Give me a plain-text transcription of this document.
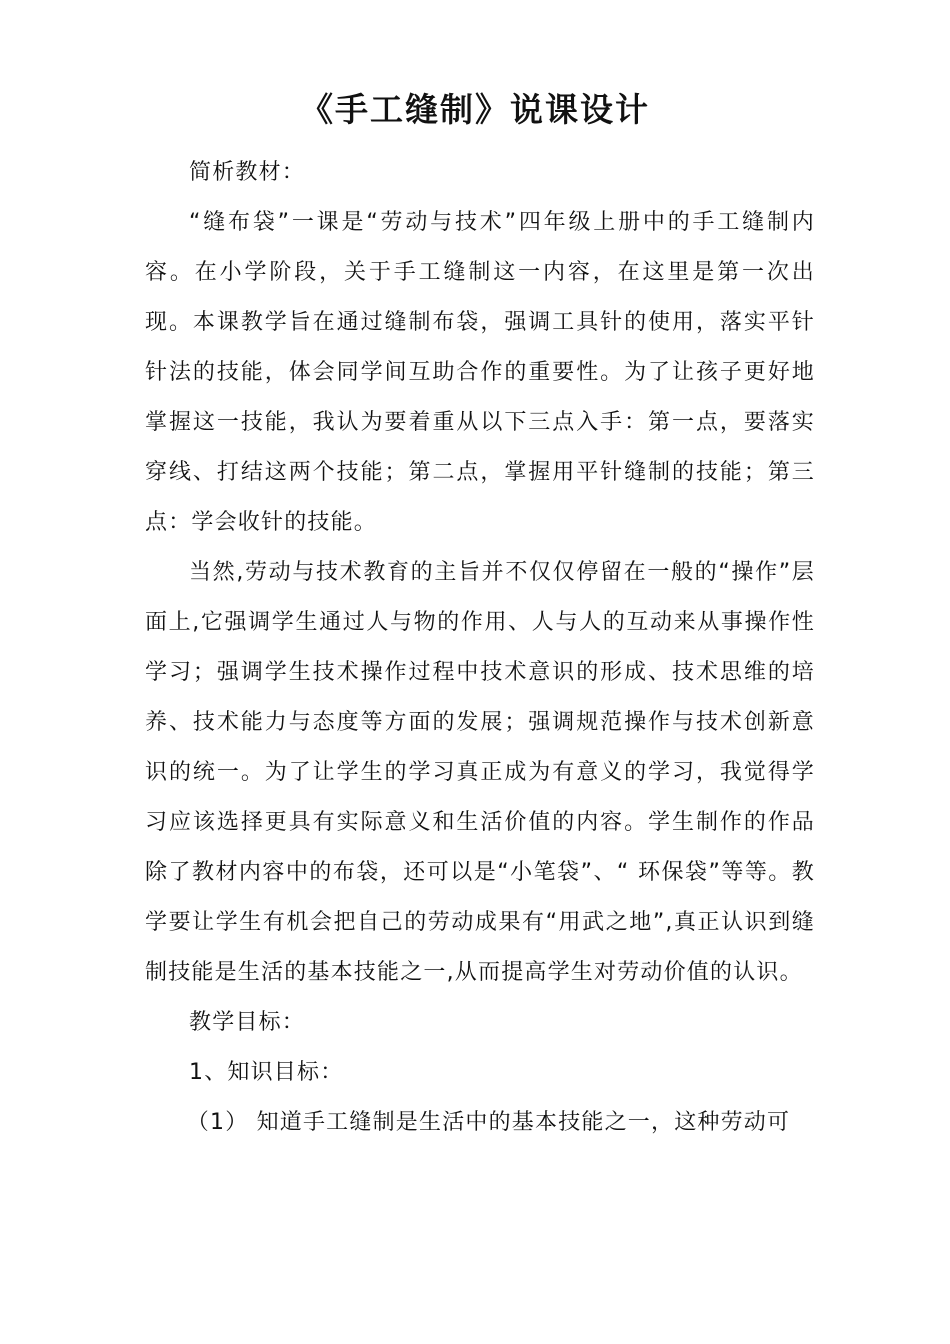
《手工缝制》说课设计

简析教材：

“缝布袋”一课是“劳动与技术”四年级上册中的手工缝制内容。在小学阶段，关于手工缝制这一内容，在这里是第一次出现。本课教学旨在通过缝制布袋，强调工具针的使用，落实平针针法的技能，体会同学间互助合作的重要性。为了让孩子更好地掌握这一技能，我认为要着重从以下三点入手：第一点，要落实穿线、打结这两个技能；第二点，掌握用平针缝制的技能；第三点：学会收针的技能。

当然,劳动与技术教育的主旨并不仅仅停留在一般的“操作”层面上,它强调学生通过人与物的作用、人与人的互动来从事操作性学习；强调学生技术操作过程中技术意识的形成、技术思维的培养、技术能力与态度等方面的发展；强调规范操作与技术创新意识的统一。为了让学生的学习真正成为有意义的学习，我觉得学习应该选择更具有实际意义和生活价值的内容。学生制作的作品除了教材内容中的布袋，还可以是“小笔袋”、“ 环保袋”等等。教学要让学生有机会把自己的劳动成果有“用武之地”,真正认识到缝制技能是生活的基本技能之一,从而提高学生对劳动价值的认识。

教学目标：

1、知识目标：

（1） 知道手工缝制是生活中的基本技能之一，这种劳动可
